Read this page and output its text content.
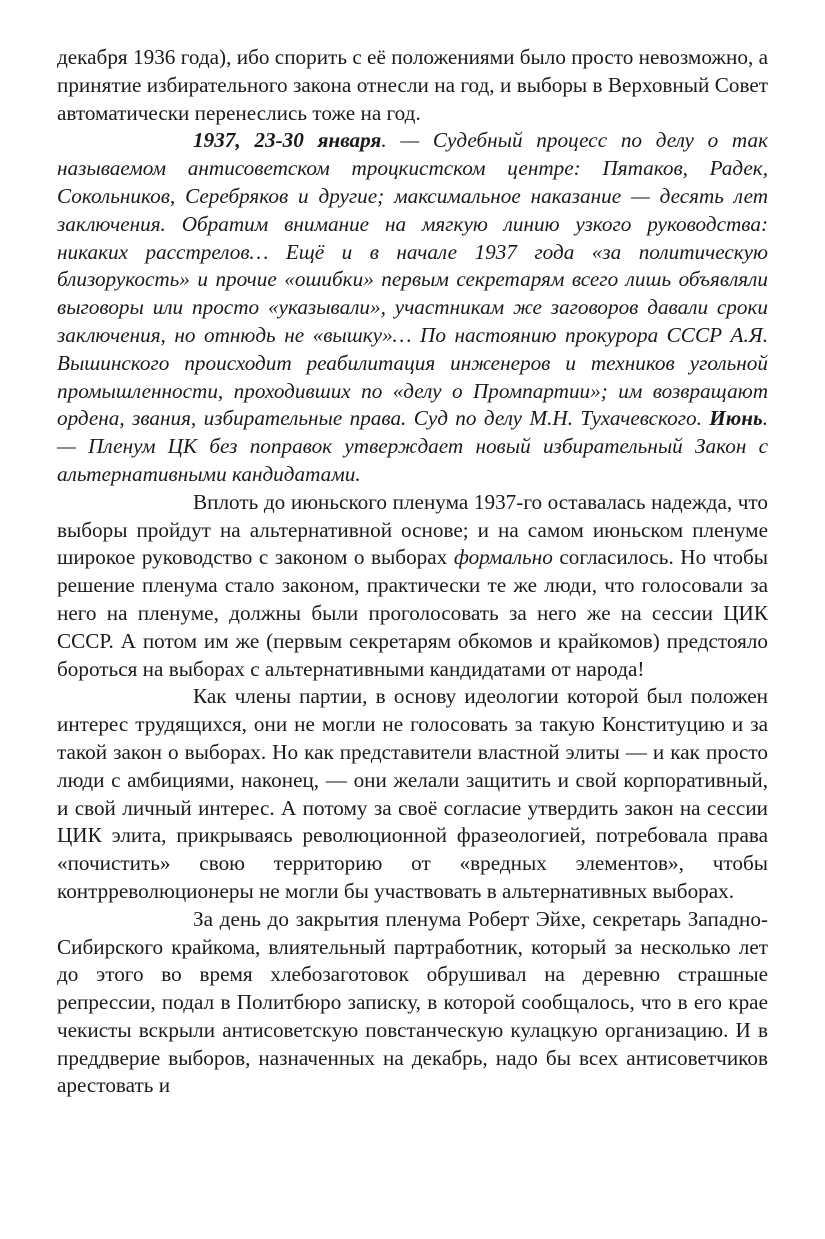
декабря 1936 года), ибо спорить с её положениями было просто невозможно, а принятие избирательного закона отнесли на год, и выборы в Верховный Совет автоматически перенеслись тоже на год.

1937, 23-30 января. — Судебный процесс по делу о так называемом антисоветском троцкистском центре: Пятаков, Радек, Сокольников, Серебряков и другие; максимальное наказание — десять лет заключения. Обратим внимание на мягкую линию узкого руководства: никаких расстрелов… Ещё и в начале 1937 года «за политическую близорукость» и прочие «ошибки» первым секретарям всего лишь объявляли выговоры или просто «указывали», участникам же заговоров давали сроки заключения, но отнюдь не «вышку»… По настоянию прокурора СССР А.Я. Вышинского происходит реабилитация инженеров и техников угольной промышленности, проходивших по «делу о Промпартии»; им возвращают ордена, звания, избирательные права. Суд по делу М.Н. Тухачевского. Июнь. — Пленум ЦК без поправок утверждает новый избирательный Закон с альтернативными кандидатами.

Вплоть до июньского пленума 1937-го оставалась надежда, что выборы пройдут на альтернативной основе; и на самом июньском пленуме широкое руководство с законом о выборах формально согласилось. Но чтобы решение пленума стало законом, практически те же люди, что голосовали за него на пленуме, должны были проголосовать за него же на сессии ЦИК СССР. А потом им же (первым секретарям обкомов и крайкомов) предстояло бороться на выборах с альтернативными кандидатами от народа!

Как члены партии, в основу идеологии которой был положен интерес трудящихся, они не могли не голосовать за такую Конституцию и за такой закон о выборах. Но как представители властной элиты — и как просто люди с амбициями, наконец, — они желали защитить и свой корпоративный, и свой личный интерес. А потому за своё согласие утвердить закон на сессии ЦИК элита, прикрываясь революционной фразеологией, потребовала права «почистить» свою территорию от «вредных элементов», чтобы контрреволюционеры не могли бы участвовать в альтернативных выборах.

За день до закрытия пленума Роберт Эйхе, секретарь Западно-Сибирского крайкома, влиятельный партработник, который за несколько лет до этого во время хлебозаготовок обрушивал на деревню страшные репрессии, подал в Политбюро записку, в которой сообщалось, что в его крае чекисты вскрыли антисоветскую повстанческую кулацкую организацию. И в преддверие выборов, назначенных на декабрь, надо бы всех антисоветчиков арестовать и
